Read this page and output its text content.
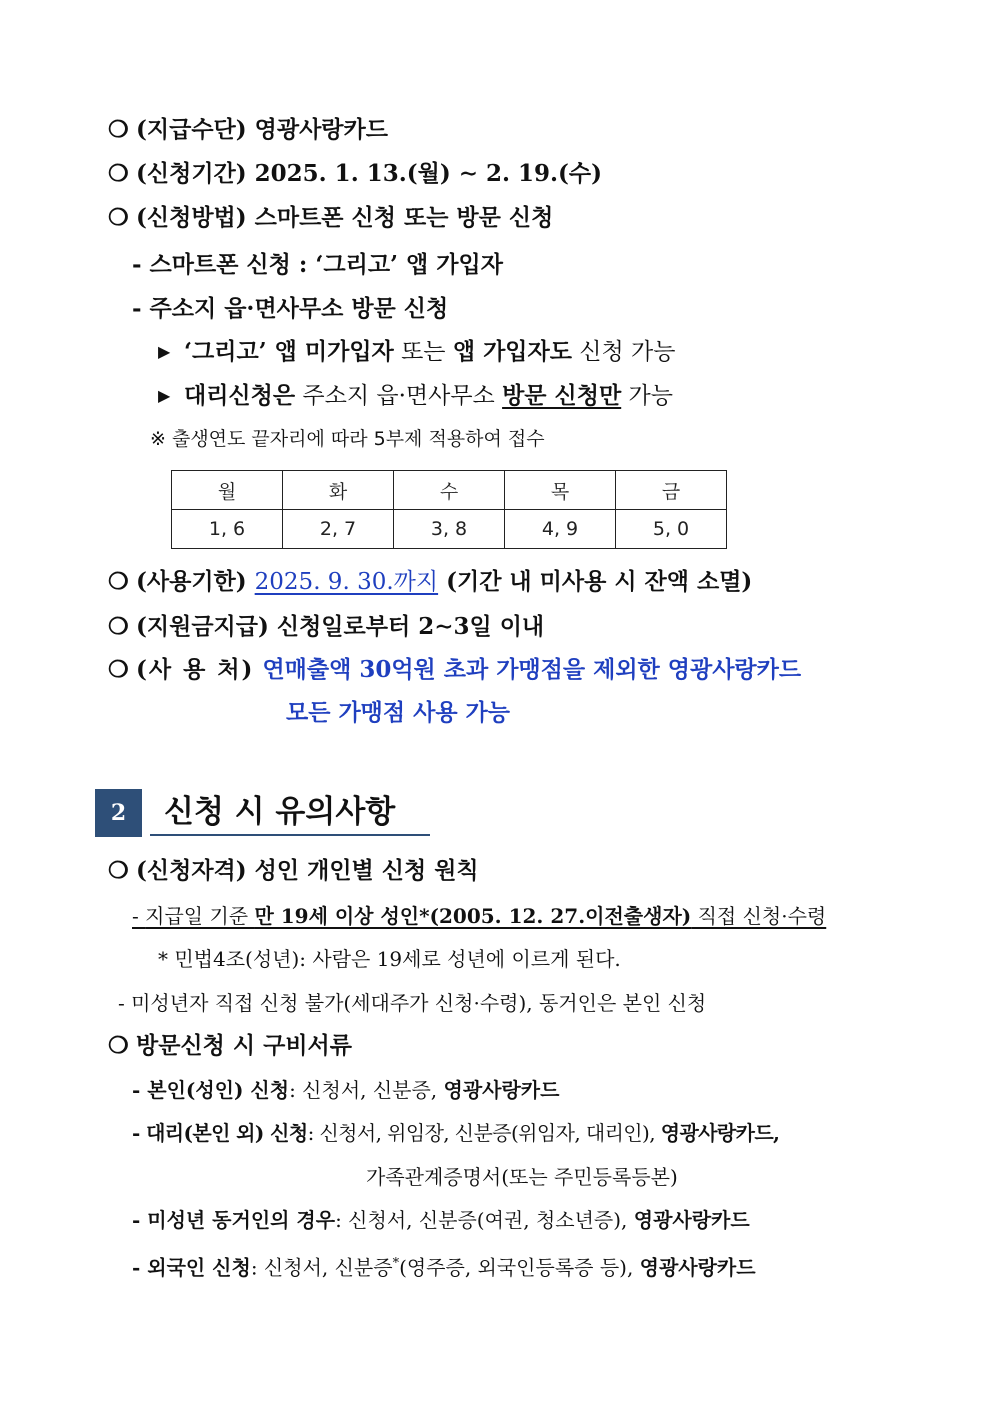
❍ (지급수단) 영광사랑카드
❍ (신청기간) 2025. 1. 13.(월) ∼ 2. 19.(수)
❍ (신청방법) 스마트폰 신청 또는 방문 신청
- 스마트폰 신청 : ‘그리고’ 앱 가입자
- 주소지 읍·면사무소 방문 신청
▶ ‘그리고’ 앱 미가입자 또는 앱 가입자도 신청 가능
▶ 대리신청은 주소지 읍·면사무소 방문 신청만 가능
※ 출생연도 끝자리에 따라 5부제 적용하여 접수
월	화	수	목	금
1, 6	2, 7	3, 8	4, 9	5, 0
❍ (사용기한) 2025. 9. 30.까지 (기간 내 미사용 시 잔액 소멸)
❍ (지원금지급) 신청일로부터 2∼3일 이내
❍ (사 용 처) 연매출액 30억원 초과 가맹점을 제외한 영광사랑카드
모든 가맹점 사용 가능
2	신청 시 유의사항
❍ (신청자격) 성인 개인별 신청 원칙
- 지급일 기준 만 19세 이상 성인*(2005. 12. 27.이전출생자) 직접 신청·수령
* 민법4조(성년): 사람은 19세로 성년에 이르게 된다.
- 미성년자 직접 신청 불가(세대주가 신청·수령), 동거인은 본인 신청
❍ 방문신청 시 구비서류
- 본인(성인) 신청: 신청서, 신분증, 영광사랑카드
- 대리(본인 외) 신청: 신청서, 위임장, 신분증(위임자, 대리인), 영광사랑카드,
가족관계증명서(또는 주민등록등본)
- 미성년 동거인의 경우: 신청서, 신분증(여권, 청소년증), 영광사랑카드
- 외국인 신청: 신청서, 신분증*(영주증, 외국인등록증 등), 영광사랑카드
